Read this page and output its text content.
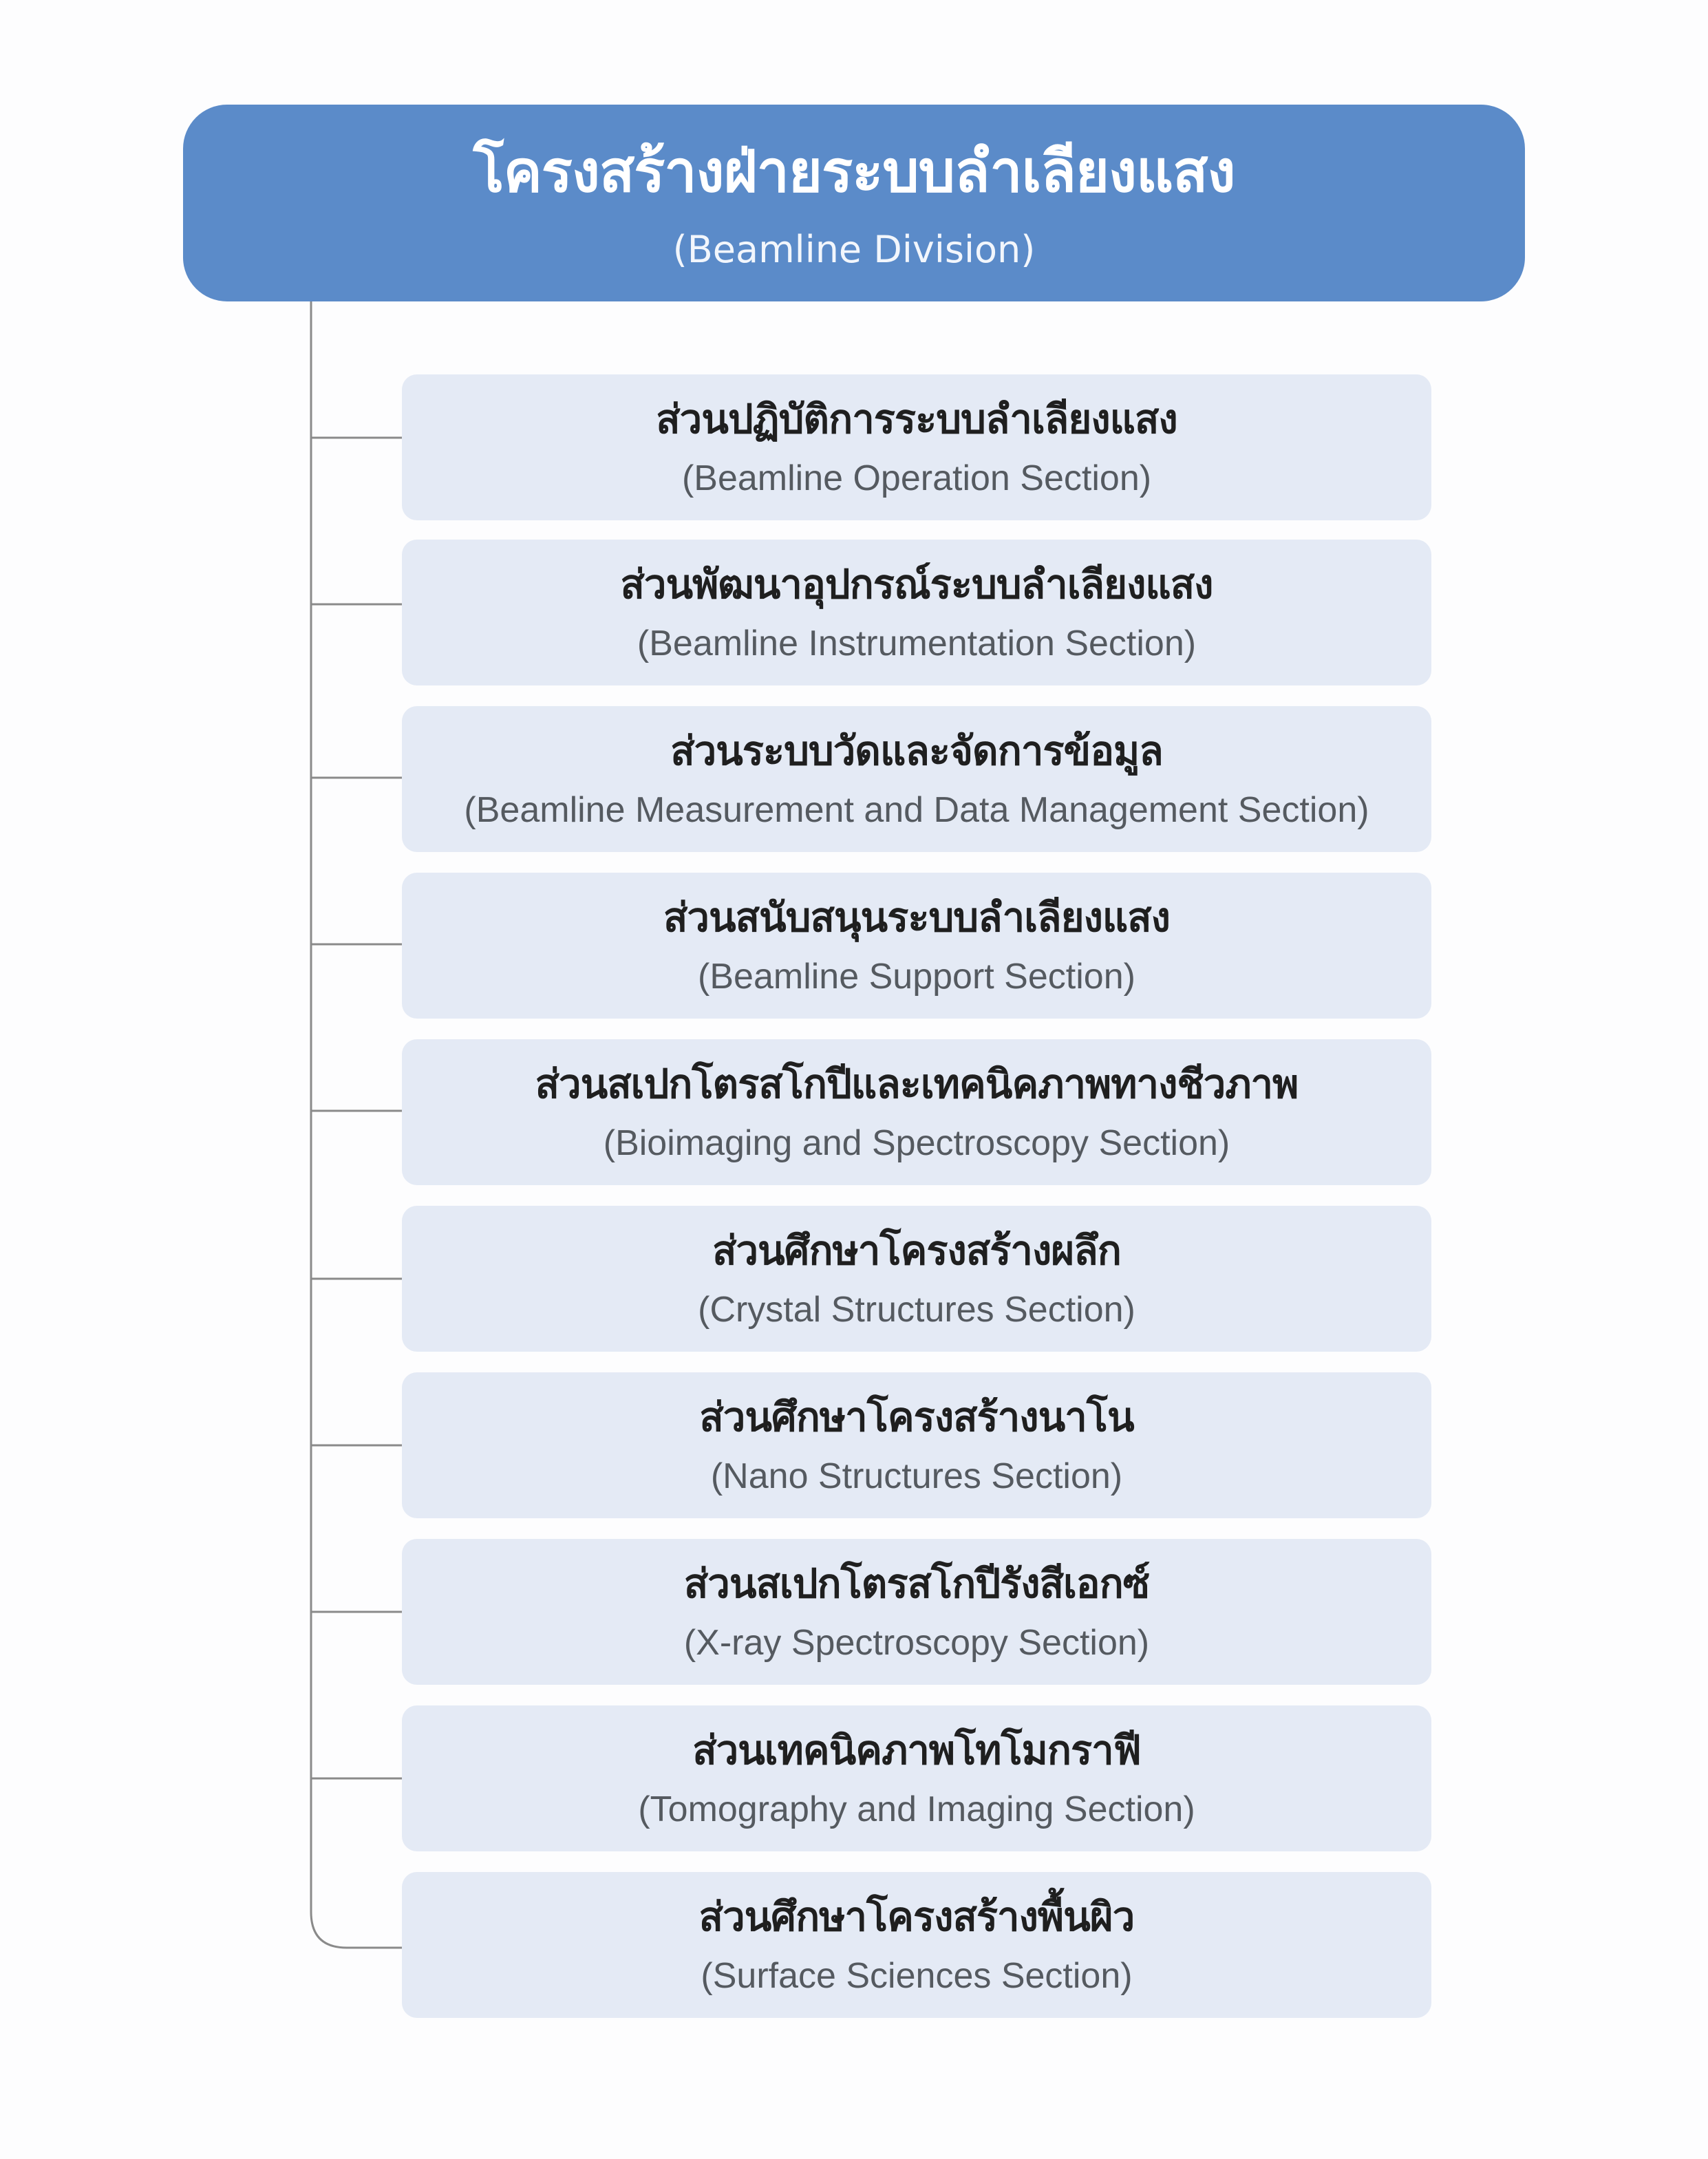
โครงสร้างฝ่ายระบบลำเลียงแสง
(Beamline Division)
ส่วนปฏิบัติการระบบลำเลียงแสง
(Beamline Operation Section)
ส่วนพัฒนาอุปกรณ์ระบบลำเลียงแสง
(Beamline Instrumentation Section)
ส่วนระบบวัดและจัดการข้อมูล
(Beamline Measurement and Data Management Section)
ส่วนสนับสนุนระบบลำเลียงแสง
(Beamline Support Section)
ส่วนสเปกโตรสโกปีและเทคนิคภาพทางชีวภาพ
(Bioimaging and Spectroscopy Section)
ส่วนศึกษาโครงสร้างผลึก
(Crystal Structures Section)
ส่วนศึกษาโครงสร้างนาโน
(Nano Structures Section)
ส่วนสเปกโตรสโกปีรังสีเอกซ์
(X-ray Spectroscopy Section)
ส่วนเทคนิคภาพโทโมกราฟี
(Tomography and Imaging Section)
ส่วนศึกษาโครงสร้างพื้นผิว
(Surface Sciences Section)
